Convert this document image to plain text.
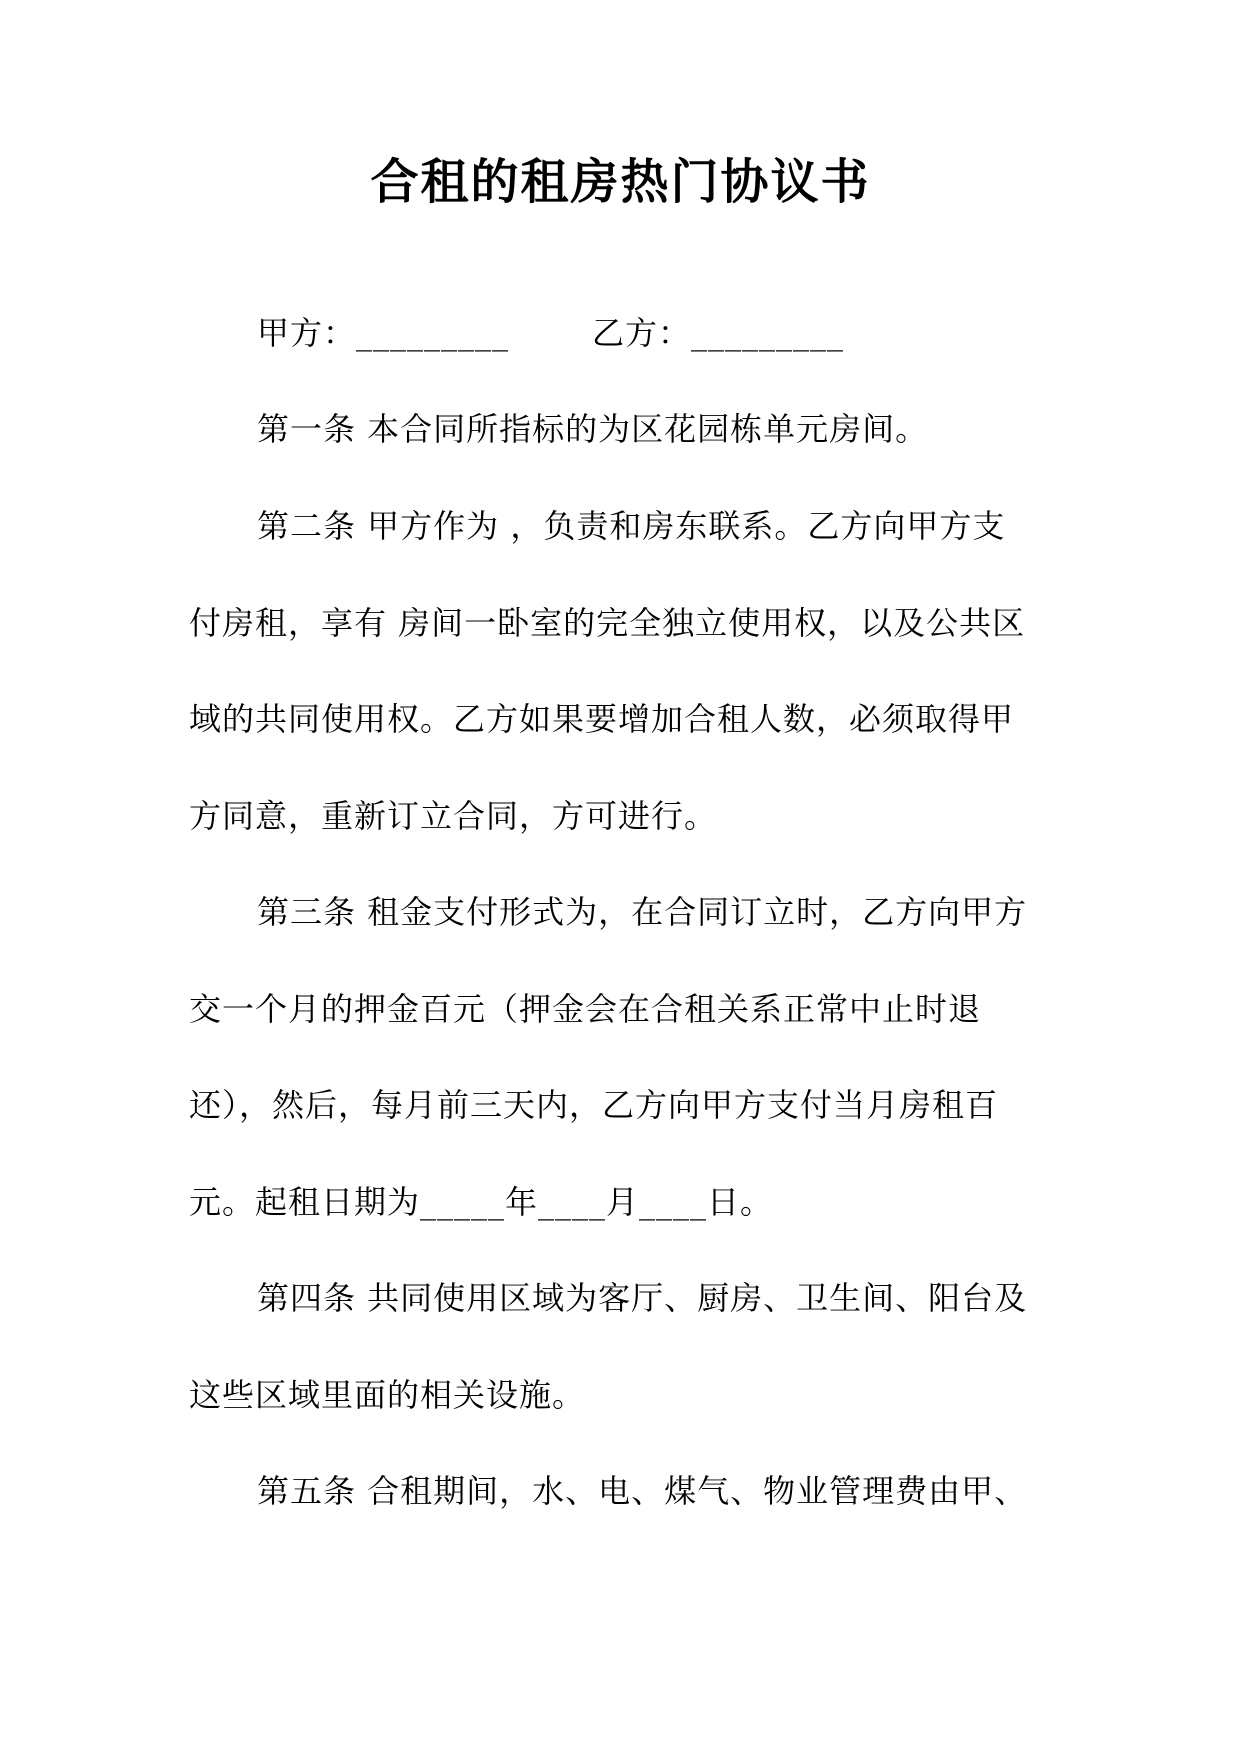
合租的租房热门协议书
甲方：_________	乙方：_________
第一条 本合同所指标的为区花园栋单元房间。
第二条 甲方作为 ，负责和房东联系。乙方向甲方支
付房租，享有 房间一卧室的完全独立使用权，以及公共区
域的共同使用权。乙方如果要增加合租人数，必须取得甲
方同意，重新订立合同，方可进行。
第三条 租金支付形式为，在合同订立时，乙方向甲方
交一个月的押金百元（押金会在合租关系正常中止时退
还），然后，每月前三天内，乙方向甲方支付当月房租百
元。起租日期为_____年____月____日。
第四条 共同使用区域为客厅、厨房、卫生间、阳台及
这些区域里面的相关设施。
第五条 合租期间，水、电、煤气、物业管理费由甲、
